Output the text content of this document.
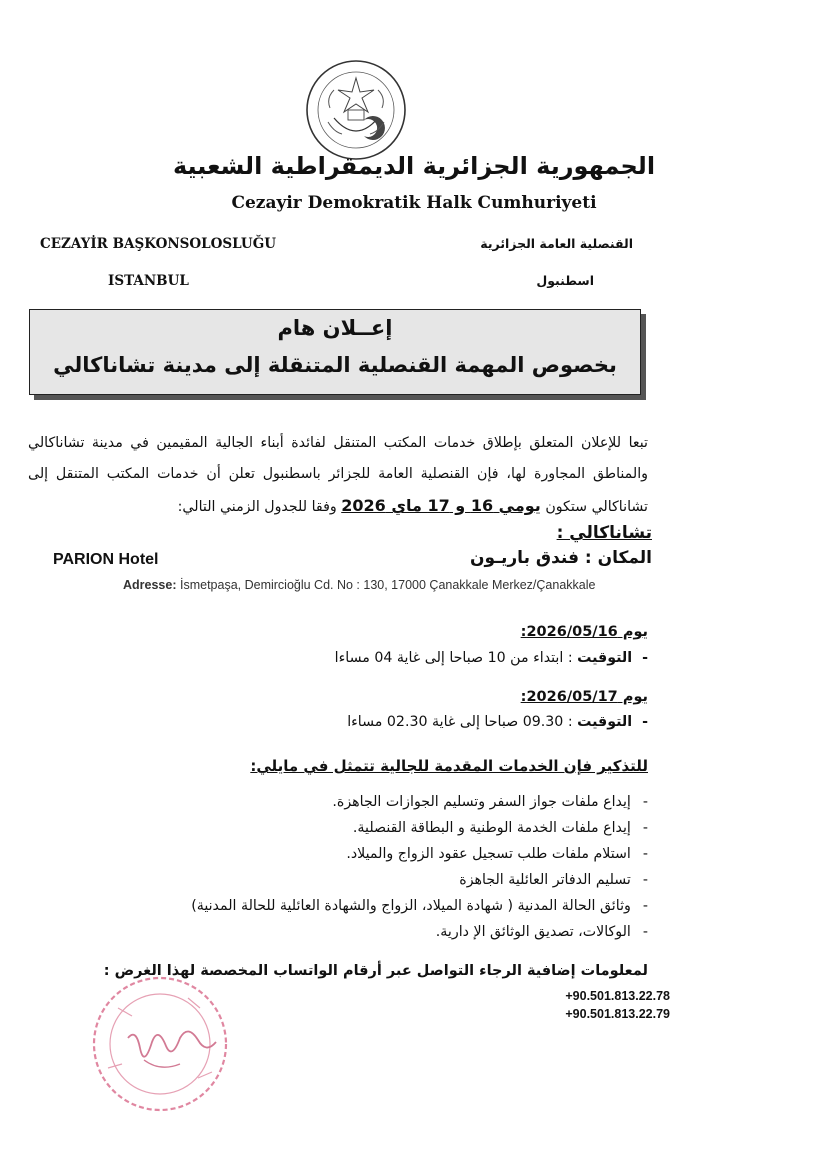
الجمهورية الجزائرية الديمقراطية الشعبية
Cezayir Demokratik Halk Cumhuriyeti
CEZAYİR BAŞKONSOLOSLUĞU
ISTANBUL
القنصلية العامة الجزائرية
اسطنبول
إعــلان هام
بخصوص المهمة القنصلية المتنقلة إلى مدينة تشاناكالي

تبعا للإعلان المتعلق بإطلاق خدمات المكتب المتنقل لفائدة أبناء الجالية المقيمين في مدينة تشاناكالي والمناطق المجاورة لها، فإن القنصلية العامة للجزائر باسطنبول تعلن أن خدمات المكتب المتنقل إلى تشاناكالي ستكون يومي 16 و 17 ماي 2026 وفقا للجدول الزمني التالي:

تشاناكالي :
المكان : فندق باريـون
PARION Hotel
Adresse: İsmetpaşa, Demircioğlu Cd. No : 130, 17000 Çanakkale Merkez/Çanakkale
يوم 2026/05/16:
-
التوقيت : ابتداء من 10 صباحا إلى غاية 04 مساءا
يوم 2026/05/17:
-
التوقيت : 09.30 صباحا إلى غاية 02.30 مساءا
للتذكير فإن الخدمات المقدمة للجالية تتمثل في مايلي:
-
إيداع ملفات جواز السفر وتسليم الجوازات الجاهزة.
-
إيداع ملفات الخدمة الوطنية و البطاقة القنصلية.
-
استلام ملفات طلب تسجيل عقود الزواج والميلاد.
-
تسليم الدفاتر العائلية الجاهزة
-
وثائق الحالة المدنية ( شهادة الميلاد، الزواج والشهادة العائلية للحالة المدنية)
-
الوكالات، تصديق الوثائق الإ دارية.
لمعلومات إضافية الرجاء التواصل عبر أرقام الواتساب المخصصة لهذا الغرض :
+90.501.813.22.78
+90.501.813.22.79
